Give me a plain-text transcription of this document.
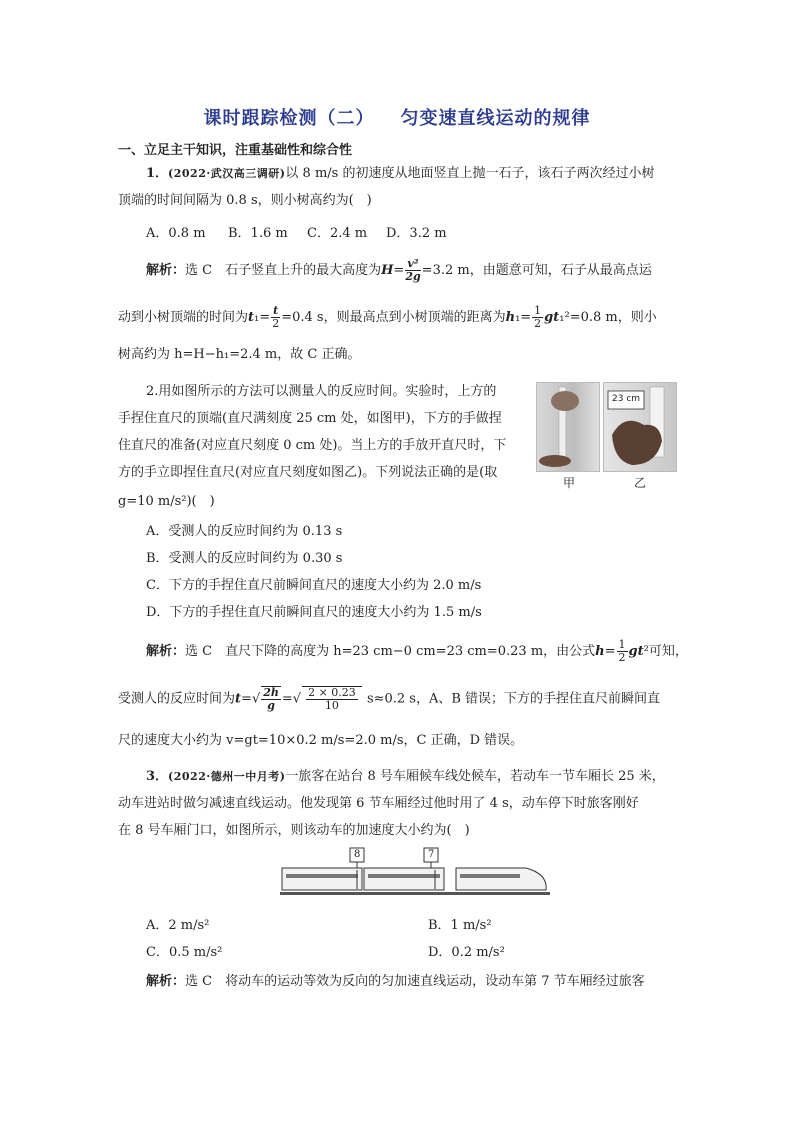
课时跟踪检测（二） 匀变速直线运动的规律
一、立足主干知识，注重基础性和综合性
1．(2022·武汉高三调研)以 8 m/s 的初速度从地面竖直上抛一石子，该石子两次经过小树
顶端的时间间隔为 0.8 s，则小树高约为(　)
A．0.8 m B．1.6 m C．2.4 m D．3.2 m
解析：选 C　石子竖直上升的最大高度为$H= \frac{\text{v²}}{2g} =3.2$ m，由题意可知，石子从最高点运
动到小树顶端的时间为$t_1= \frac{t}{2} =0.4$ s，则最高点到小树顶端的距离为$h_1= \frac{1}{2} gt_1^2=0.8$ m，则小
树高约为 h=H−h₁=2.4 m，故 C 正确。
2.用如图所示的方法可以测量人的反应时间。实验时，上方的
手捏住直尺的顶端(直尺满刻度 25 cm 处，如图甲)，下方的手做捏
住直尺的准备(对应直尺刻度 0 cm 处)。当上方的手放开直尺时，下
方的手立即捏住直尺(对应直尺刻度如图乙)。下列说法正确的是(取
g=10 m/s²)(　)
23 cm
甲	乙
A．受测人的反应时间约为 0.13 s
B．受测人的反应时间约为 0.30 s
C．下方的手捏住直尺前瞬间直尺的速度大小约为 2.0 m/s
D．下方的手捏住直尺前瞬间直尺的速度大小约为 1.5 m/s
解析：选 C　直尺下降的高度为 h=23 cm−0 cm=23 cm=0.23 m，由公式$h= \frac{1}{2} gt^2$可知，
受测人的反应时间为$t=√ \frac{2h}{g}$ =√ $\frac{2 \times 0.23}{10} s\approx 0.2$ s，A、B 错误；下方的手捏住直尺前瞬间直
尺的速度大小约为 v=gt=10×0.2 m/s=2.0 m/s，C 正确，D 错误。
3．(2022·德州一中月考)一旅客在站台 8 号车厢候车线处候车，若动车一节车厢长 25 米，
动车进站时做匀减速直线运动。他发现第 6 节车厢经过他时用了 4 s，动车停下时旅客刚好
在 8 号车厢门口，如图所示，则该动车的加速度大小约为(　)
8	7
A．2 m/s²	B．1 m/s²
C．0.5 m/s²	D．0.2 m/s²
解析：选 C　将动车的运动等效为反向的匀加速直线运动，设动车第 7 节车厢经过旅客
